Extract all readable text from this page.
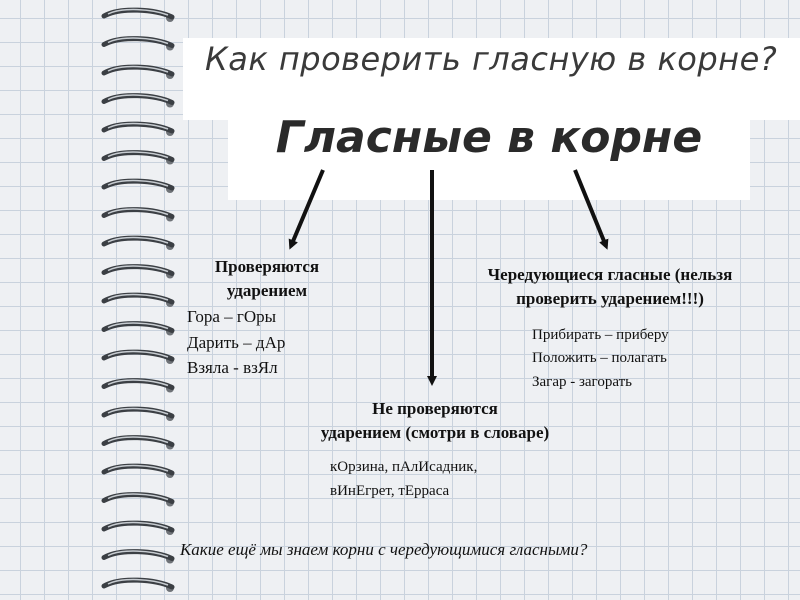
Как проверить гласную в корне?
Гласные в корне
Проверяются
ударением
Гора – гОры
Дарить – дАр
Взяла - взЯл
Чередующиеся гласные (нельзя
проверить ударением!!!)
Прибирать – приберу
Положить – полагать
Загар - загорать
Не проверяются
ударением (смотри в словаре)
кОрзина, пАлИсадник,
вИнЕгрет, тЕрраса
Какие ещё мы знаем корни с чередующимися гласными?
